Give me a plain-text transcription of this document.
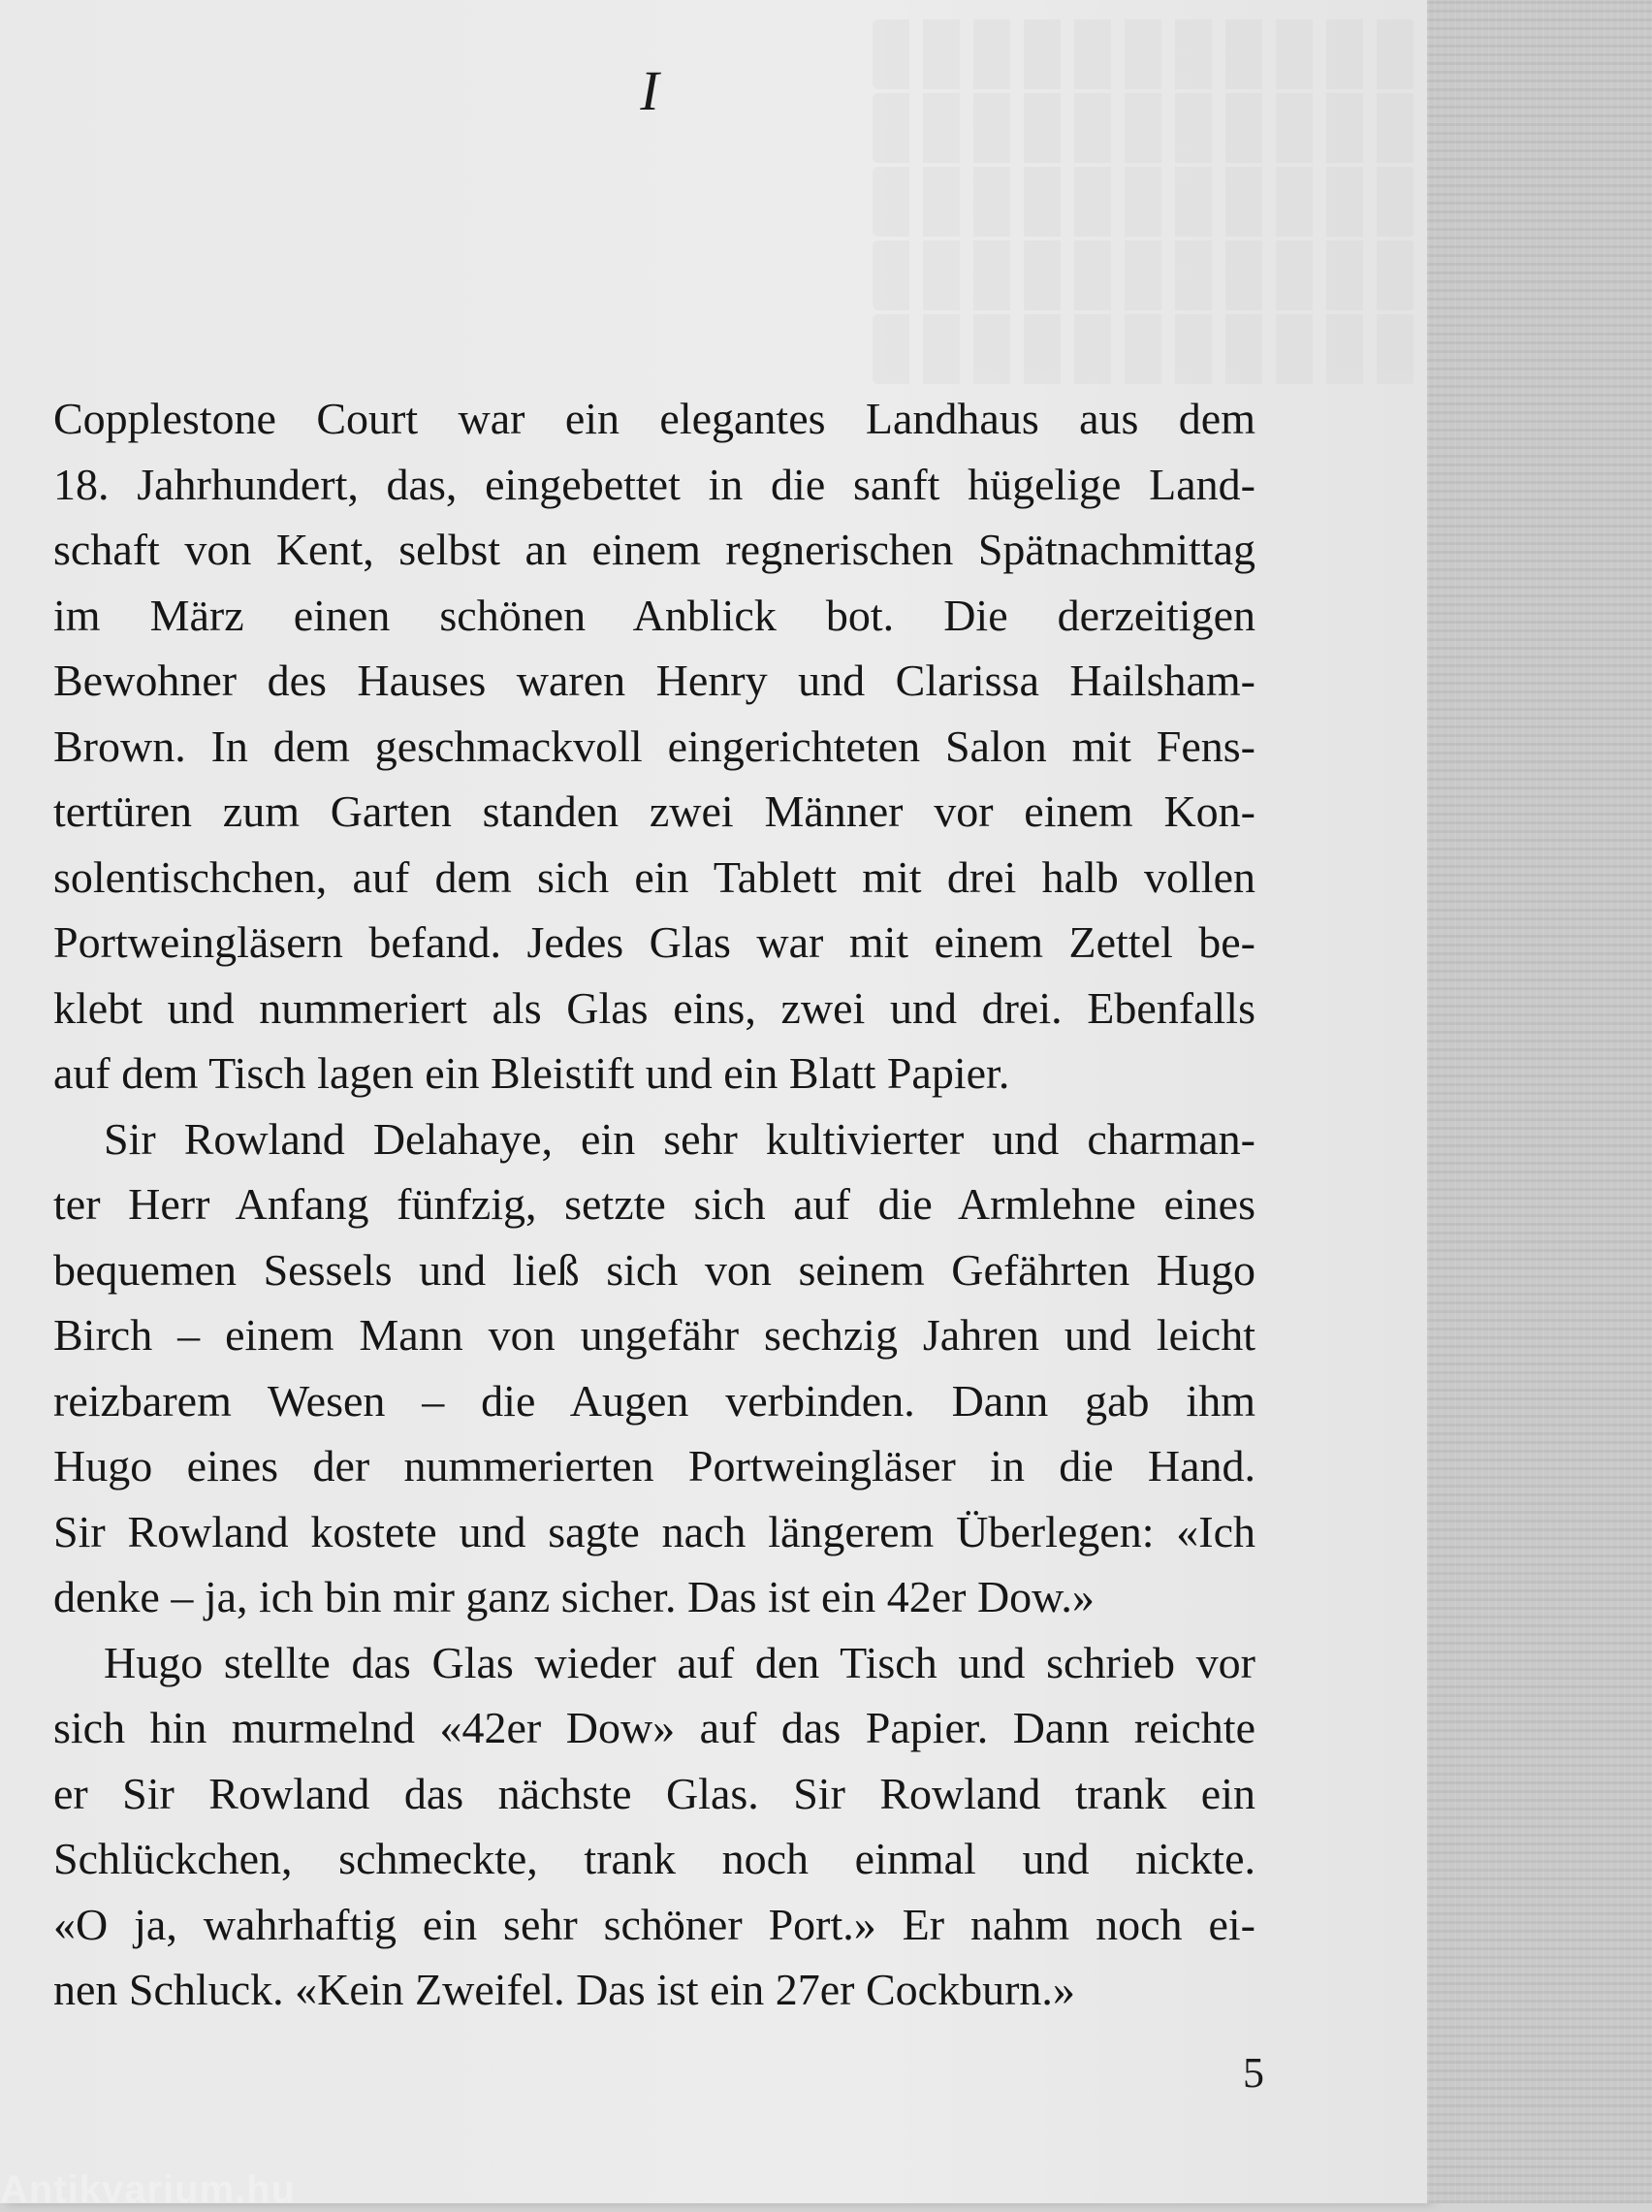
I
Copplestone Court war ein elegantes Landhaus aus dem
18. Jahrhundert, das, eingebettet in die sanft hügelige Land-
schaft von Kent, selbst an einem regnerischen Spätnachmittag
im März einen schönen Anblick bot. Die derzeitigen
Bewohner des Hauses waren Henry und Clarissa Hailsham-
Brown. In dem geschmackvoll eingerichteten Salon mit Fens-
tertüren zum Garten standen zwei Männer vor einem Kon-
solentischchen, auf dem sich ein Tablett mit drei halb vollen
Portweingläsern befand. Jedes Glas war mit einem Zettel be-
klebt und nummeriert als Glas eins, zwei und drei. Ebenfalls
auf dem Tisch lagen ein Bleistift und ein Blatt Papier.
Sir Rowland Delahaye, ein sehr kultivierter und charman-
ter Herr Anfang fünfzig, setzte sich auf die Armlehne eines
bequemen Sessels und ließ sich von seinem Gefährten Hugo
Birch – einem Mann von ungefähr sechzig Jahren und leicht
reizbarem Wesen – die Augen verbinden. Dann gab ihm
Hugo eines der nummerierten Portweingläser in die Hand.
Sir Rowland kostete und sagte nach längerem Überlegen: «Ich
denke – ja, ich bin mir ganz sicher. Das ist ein 42er Dow.»
Hugo stellte das Glas wieder auf den Tisch und schrieb vor
sich hin murmelnd «42er Dow» auf das Papier. Dann reichte
er Sir Rowland das nächste Glas. Sir Rowland trank ein
Schlückchen, schmeckte, trank noch einmal und nickte.
«O ja, wahrhaftig ein sehr schöner Port.» Er nahm noch ei-
nen Schluck. «Kein Zweifel. Das ist ein 27er Cockburn.»
5
Antikvarium.hu
